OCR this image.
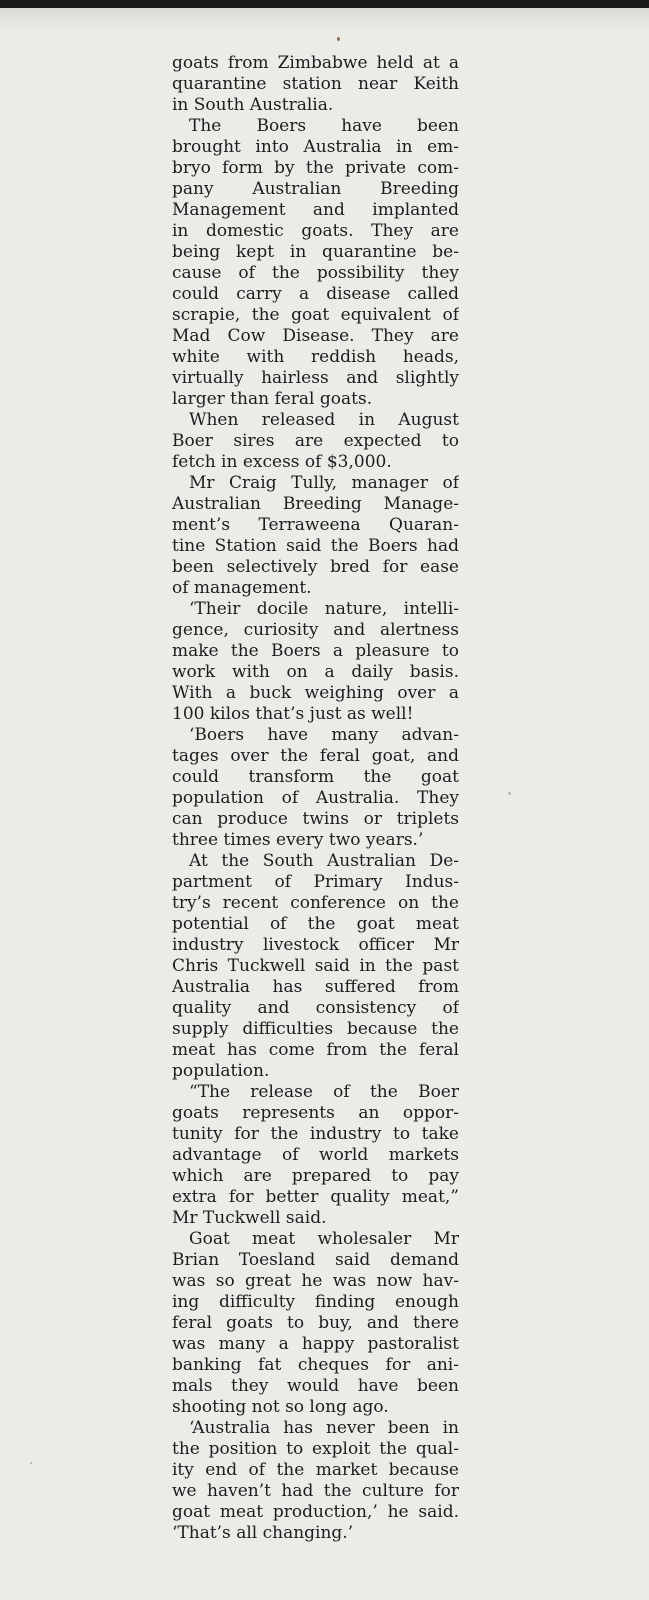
goats from Zimbabwe held at a
quarantine station near Keith
in South Australia.
The Boers have been
brought into Australia in em-
bryo form by the private com-
pany Australian Breeding
Management and implanted
in domestic goats. They are
being kept in quarantine be-
cause of the possibility they
could carry a disease called
scrapie, the goat equivalent of
Mad Cow Disease. They are
white with reddish heads,
virtually hairless and slightly
larger than feral goats.
When released in August
Boer sires are expected to
fetch in excess of $3,000.
Mr Craig Tully, manager of
Australian Breeding Manage-
ment’s Terraweena Quaran-
tine Station said the Boers had
been selectively bred for ease
of management.
‘Their docile nature, intelli-
gence, curiosity and alertness
make the Boers a pleasure to
work with on a daily basis.
With a buck weighing over a
100 kilos that’s just as well!
‘Boers have many advan-
tages over the feral goat, and
could transform the goat
population of Australia. They
can produce twins or triplets
three times every two years.’
At the South Australian De-
partment of Primary Indus-
try’s recent conference on the
potential of the goat meat
industry livestock officer Mr
Chris Tuckwell said in the past
Australia has suffered from
quality and consistency of
supply difficulties because the
meat has come from the feral
population.
“The release of the Boer
goats represents an oppor-
tunity for the industry to take
advantage of world markets
which are prepared to pay
extra for better quality meat,”
Mr Tuckwell said.
Goat meat wholesaler Mr
Brian Toesland said demand
was so great he was now hav-
ing difficulty finding enough
feral goats to buy, and there
was many a happy pastoralist
banking fat cheques for ani-
mals they would have been
shooting not so long ago.
‘Australia has never been in
the position to exploit the qual-
ity end of the market because
we haven’t had the culture for
goat meat production,’ he said.
‘That’s all changing.’
